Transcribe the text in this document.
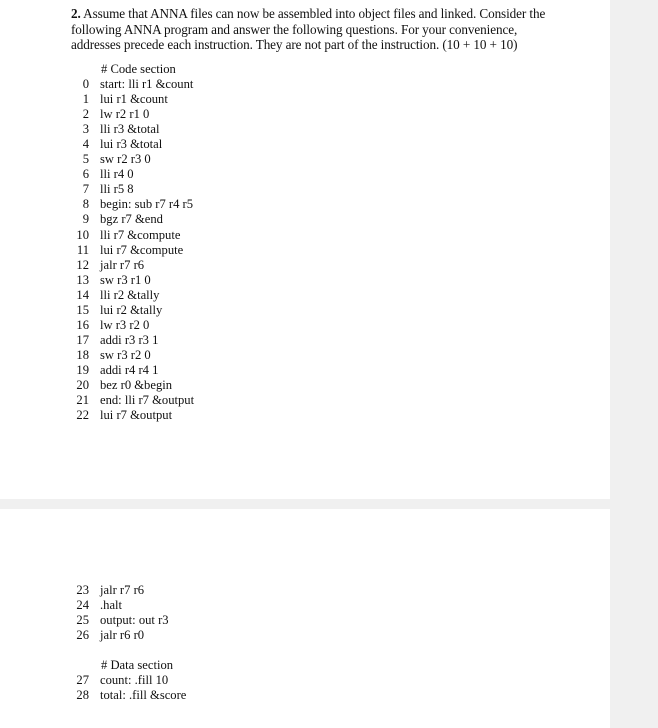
2. Assume that ANNA files can now be assembled into object files and linked. Consider the following ANNA program and answer the following questions. For your convenience, addresses precede each instruction. They are not part of the instruction. (10 + 10 + 10)
# Code section
0 start: lli r1 &count
1 lui r1 &count
2 lw r2 r1 0
3 lli r3 &total
4 lui r3 &total
5 sw r2 r3 0
6 lli r4 0
7 lli r5 8
8 begin: sub r7 r4 r5
9 bgz r7 &end
10 lli r7 &compute
11 lui r7 &compute
12 jalr r7 r6
13 sw r3 r1 0
14 lli r2 &tally
15 lui r2 &tally
16 lw r3 r2 0
17 addi r3 r3 1
18 sw r3 r2 0
19 addi r4 r4 1
20 bez r0 &begin
21 end: lli r7 &output
22 lui r7 &output
23 jalr r7 r6
24 .halt
25 output: out r3
26 jalr r6 r0
# Data section
27 count: .fill 10
28 total: .fill &score
